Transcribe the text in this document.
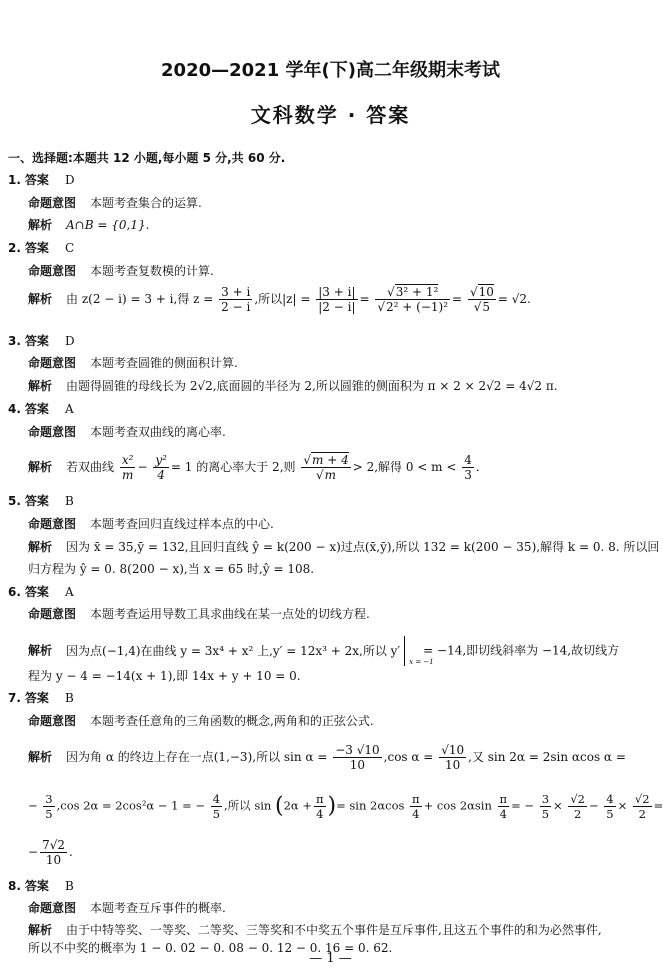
2020—2021 学年(下)高二年级期末考试
文科数学 · 答案
一、选择题:本题共 12 小题,每小题 5 分,共 60 分.
1. 答案 D
命题意图 本题考查集合的运算.
解析 A∩B = {0,1}.
2. 答案 C
命题意图 本题考查复数模的计算.
解析 由 z(2 − i) = 3 + i,得 $z = \frac{3 + i}{2 - i}$ ,所以$|z| = \frac{|3 + i|}{|2 - i|} = \frac{\text{√3² + 1²}}{\text{√2² + (−1)²}} = \frac{√10}{√5} = √2$.
3. 答案 D
命题意图 本题考查圆锥的侧面积计算.
解析 由题得圆锥的母线长为 2√2,底面圆的半径为 2,所以圆锥的侧面积为 π × 2 × 2√2 = 4√2 π.
4. 答案 A
命题意图 本题考查双曲线的离心率.
解析 若双曲线 $\frac{\text{x²}}{m} - \frac{\text{y²}}{4} = 1$ 的离心率大于 2,则 $\frac{√m + 4}{√m} > 2$,解得 $0 < m < \frac{4}{3}$ .
5. 答案 B
命题意图 本题考查回归直线过样本点的中心.
解析 因为 x̄ = 35,ȳ = 132,且回归直线 ŷ = k(200 − x)过点(x̄,ȳ),所以 132 = k(200 − 35),解得 k = 0. 8. 所以回
归方程为 ŷ = 0. 8(200 − x),当 x = 65 时,ŷ = 108.
6. 答案 A
命题意图 本题考查运用导数工具求曲线在某一点处的切线方程.
解析 因为点(−1,4)在曲线 y = 3x⁴ + x² 上,y′ = 12x³ + 2x,所以 y′
x = −1
= −14,即切线斜率为 −14,故切线方
程为 y − 4 = −14(x + 1),即 14x + y + 10 = 0.
7. 答案 B
命题意图 本题考查任意角的三角函数的概念,两角和的正弦公式.
解析 因为角 α 的终边上存在一点(1,−3),所以 $\sin \alpha = \frac{-3 √10}{10} ,\cos$ $\alpha = \frac{√10}{10}$ ,又 sin 2α = 2sin αcos α =
− $\frac{3}{5} ,\cos$ 2α = 2cos²α − 1 = − $\frac{4}{5}$ ,所以 $\sin (2\alpha + \frac{\pi}{4}$ )= $\sin 2\alpha\cos \frac{\pi}{4} + \cos 2\alpha\sin \frac{\pi}{4}$ = − $\frac{3}{5} \times \frac{√2}{2} - \frac{4}{5} \times \frac{√2}{2}$ =
− $\frac{7√2}{10}$ .
8. 答案 B
命题意图 本题考查互斥事件的概率.
解析 由于中特等奖、一等奖、二等奖、三等奖和不中奖五个事件是互斥事件,且这五个事件的和为必然事件,
所以不中奖的概率为 1 − 0. 02 − 0. 08 − 0. 12 − 0. 16 = 0. 62.
— 1 —
